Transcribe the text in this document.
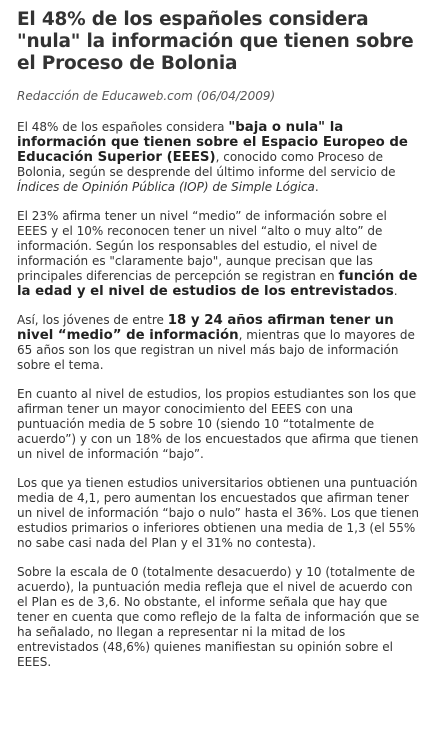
El 48% de los españoles considera "nula" la información que tienen sobre el Proceso de Bolonia

Redacción de Educaweb.com (06/04/2009)

El 48% de los españoles considera "baja o nula" la información que tienen sobre el Espacio Europeo de Educación Superior (EEES), conocido como Proceso de Bolonia, según se desprende del último informe del servicio de Índices de Opinión Pública (IOP) de Simple Lógica.

El 23% afirma tener un nivel “medio” de información sobre el EEES y el 10% reconocen tener un nivel “alto o muy alto” de información. Según los responsables del estudio, el nivel de información es "claramente bajo", aunque precisan que las principales diferencias de percepción se registran en función de la edad y el nivel de estudios de los entrevistados.

Así, los jóvenes de entre 18 y 24 años afirman tener un nivel “medio” de información, mientras que lo mayores de 65 años son los que registran un nivel más bajo de información sobre el tema.

En cuanto al nivel de estudios, los propios estudiantes son los que afirman tener un mayor conocimiento del EEES con una puntuación media de 5 sobre 10 (siendo 10 “totalmente de acuerdo”) y con un 18% de los encuestados que afirma que tienen un nivel de información “bajo”.

Los que ya tienen estudios universitarios obtienen una puntuación media de 4,1, pero aumentan los encuestados que afirman tener un nivel de información “bajo o nulo” hasta el 36%. Los que tienen estudios primarios o inferiores obtienen una media de 1,3 (el 55% no sabe casi nada del Plan y el 31% no contesta).

Sobre la escala de 0 (totalmente desacuerdo) y 10 (totalmente de acuerdo), la puntuación media refleja que el nivel de acuerdo con el Plan es de 3,6. No obstante, el informe señala que hay que tener en cuenta que como reflejo de la falta de información que se ha señalado, no llegan a representar ni la mitad de los entrevistados (48,6%) quienes manifiestan su opinión sobre el EEES.
